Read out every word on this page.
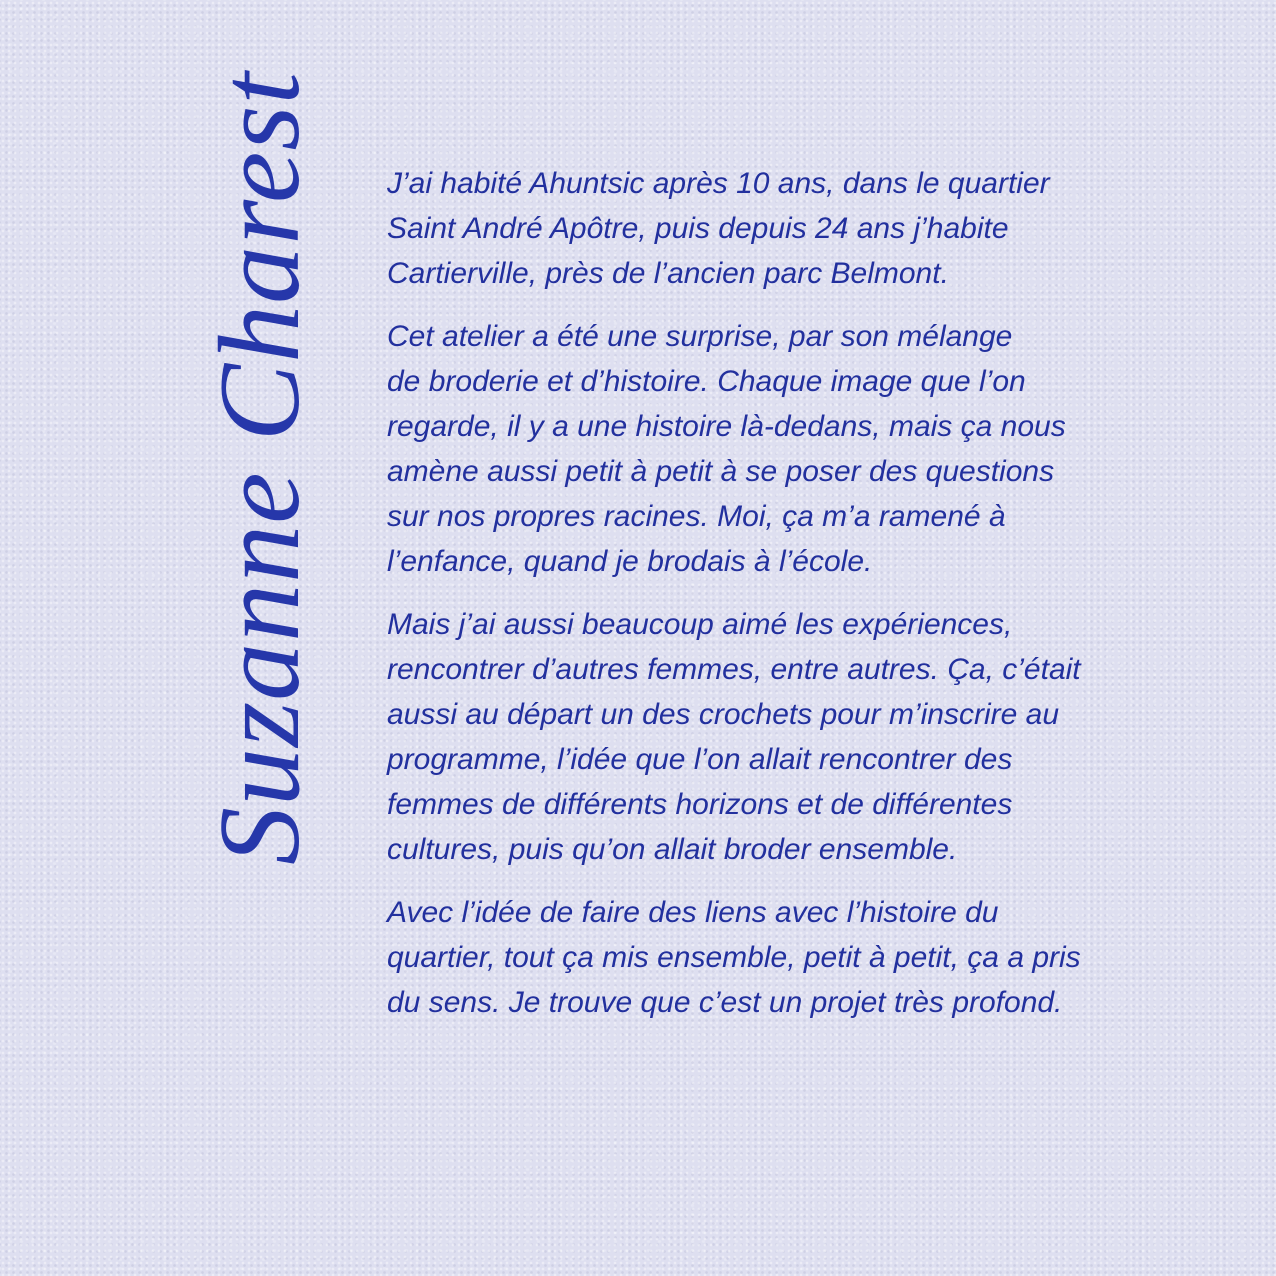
Suzanne Charest J’ai habité Ahuntsic après 10 ans, dans le quartier
Saint André Apôtre, puis depuis 24 ans j’habite
Cartierville, près de l’ancien parc Belmont.

Cet atelier a été une surprise, par son mélange
de broderie et d’histoire. Chaque image que l’on
regarde, il y a une histoire là-dedans, mais ça nous
amène aussi petit à petit à se poser des questions
sur nos propres racines. Moi, ça m’a ramené à
l’enfance, quand je brodais à l’école.

Mais j’ai aussi beaucoup aimé les expériences,
rencontrer d’autres femmes, entre autres. Ça, c’était
aussi au départ un des crochets pour m’inscrire au
programme, l’idée que l’on allait rencontrer des
femmes de différents horizons et de différentes
cultures, puis qu’on allait broder ensemble.

Avec l’idée de faire des liens avec l’histoire du
quartier, tout ça mis ensemble, petit à petit, ça a pris
du sens. Je trouve que c’est un projet très profond.
